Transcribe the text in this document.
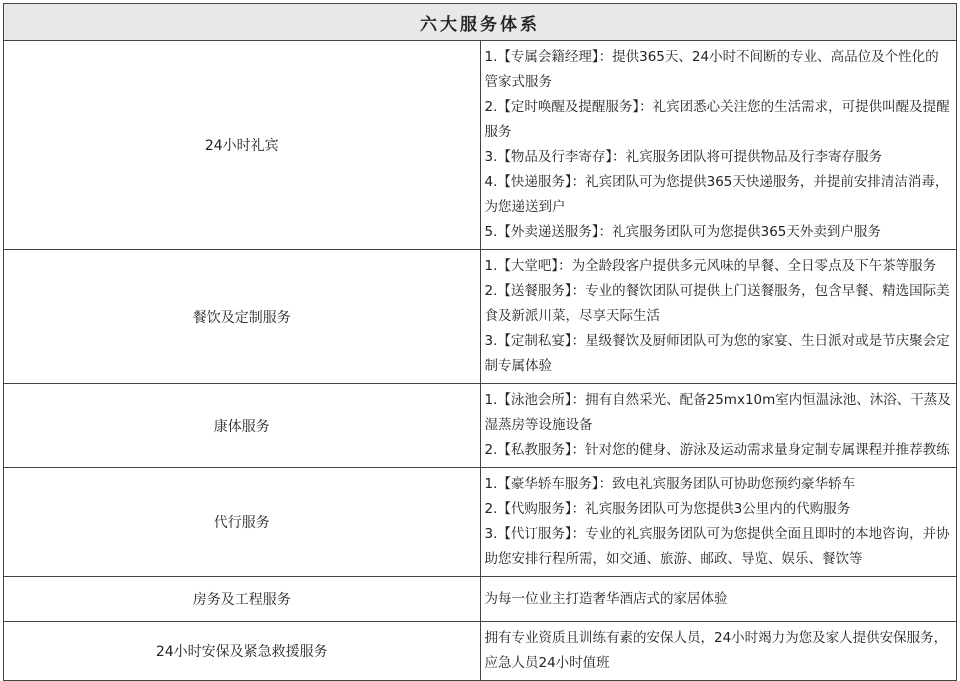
六大服务体系	
24小时礼宾	1.【专属会籍经理】：提供365天、24小时不间断的专业、高品位及个性化的管家式服务
2.【定时唤醒及提醒服务】：礼宾团悉心关注您的生活需求，可提供叫醒及提醒服务
3.【物品及行李寄存】：礼宾服务团队将可提供物品及行李寄存服务
4.【快递服务】：礼宾团队可为您提供365天快递服务，并提前安排清洁消毒，为您递送到户
5.【外卖递送服务】：礼宾服务团队可为您提供365天外卖到户服务

餐饮及定制服务	1.【大堂吧】：为全龄段客户提供多元风味的早餐、全日零点及下午茶等服务
2.【送餐服务】：专业的餐饮团队可提供上门送餐服务，包含早餐、精选国际美食及新派川菜，尽享天际生活
3.【定制私宴】：星级餐饮及厨师团队可为您的家宴、生日派对或是节庆聚会定制专属体验

康体服务	1.【泳池会所】：拥有自然采光、配备25mx10m室内恒温泳池、沐浴、干蒸及湿蒸房等设施设备
2.【私教服务】：针对您的健身、游泳及运动需求量身定制专属课程并推荐教练

代行服务	1.【豪华轿车服务】：致电礼宾服务团队可协助您预约豪华轿车
2.【代购服务】：礼宾服务团队可为您提供3公里内的代购服务
3.【代订服务】：专业的礼宾服务团队可为您提供全面且即时的本地咨询，并协助您安排行程所需，如交通、旅游、邮政、导览、娱乐、餐饮等

房务及工程服务	为每一位业主打造奢华酒店式的家居体验

24小时安保及紧急救援服务	拥有专业资质且训练有素的安保人员，24小时竭力为您及家人提供安保服务，应急人员24小时值班
